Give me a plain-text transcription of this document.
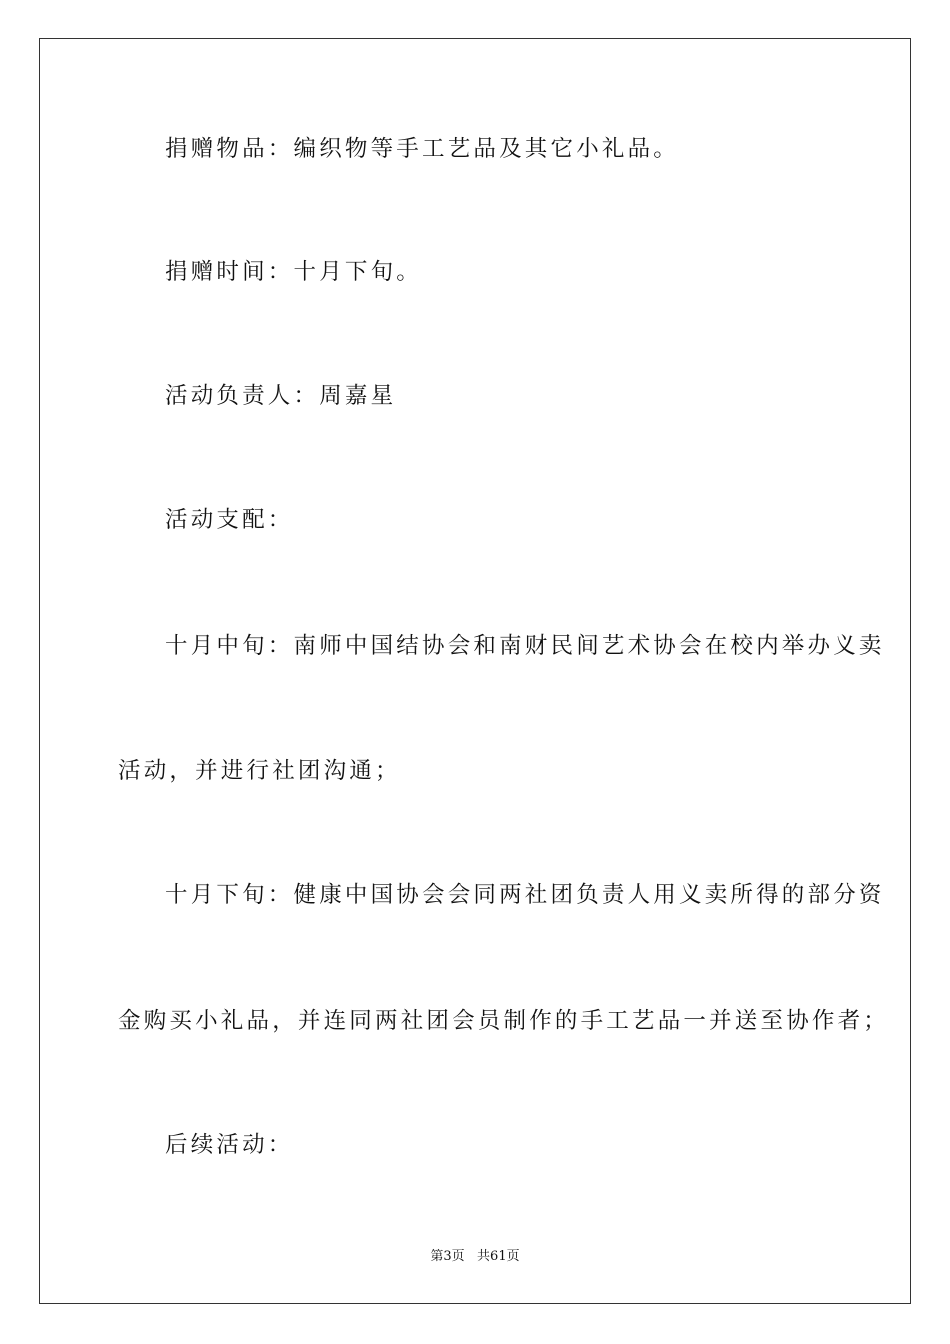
捐赠物品：编织物等手工艺品及其它小礼品。
捐赠时间：十月下旬。
活动负责人：周嘉星
活动支配：
十月中旬：南师中国结协会和南财民间艺术协会在校内举办义卖
活动，并进行社团沟通；
十月下旬：健康中国协会会同两社团负责人用义卖所得的部分资
金购买小礼品，并连同两社团会员制作的手工艺品一并送至协作者；
后续活动：
第3页   共61页
